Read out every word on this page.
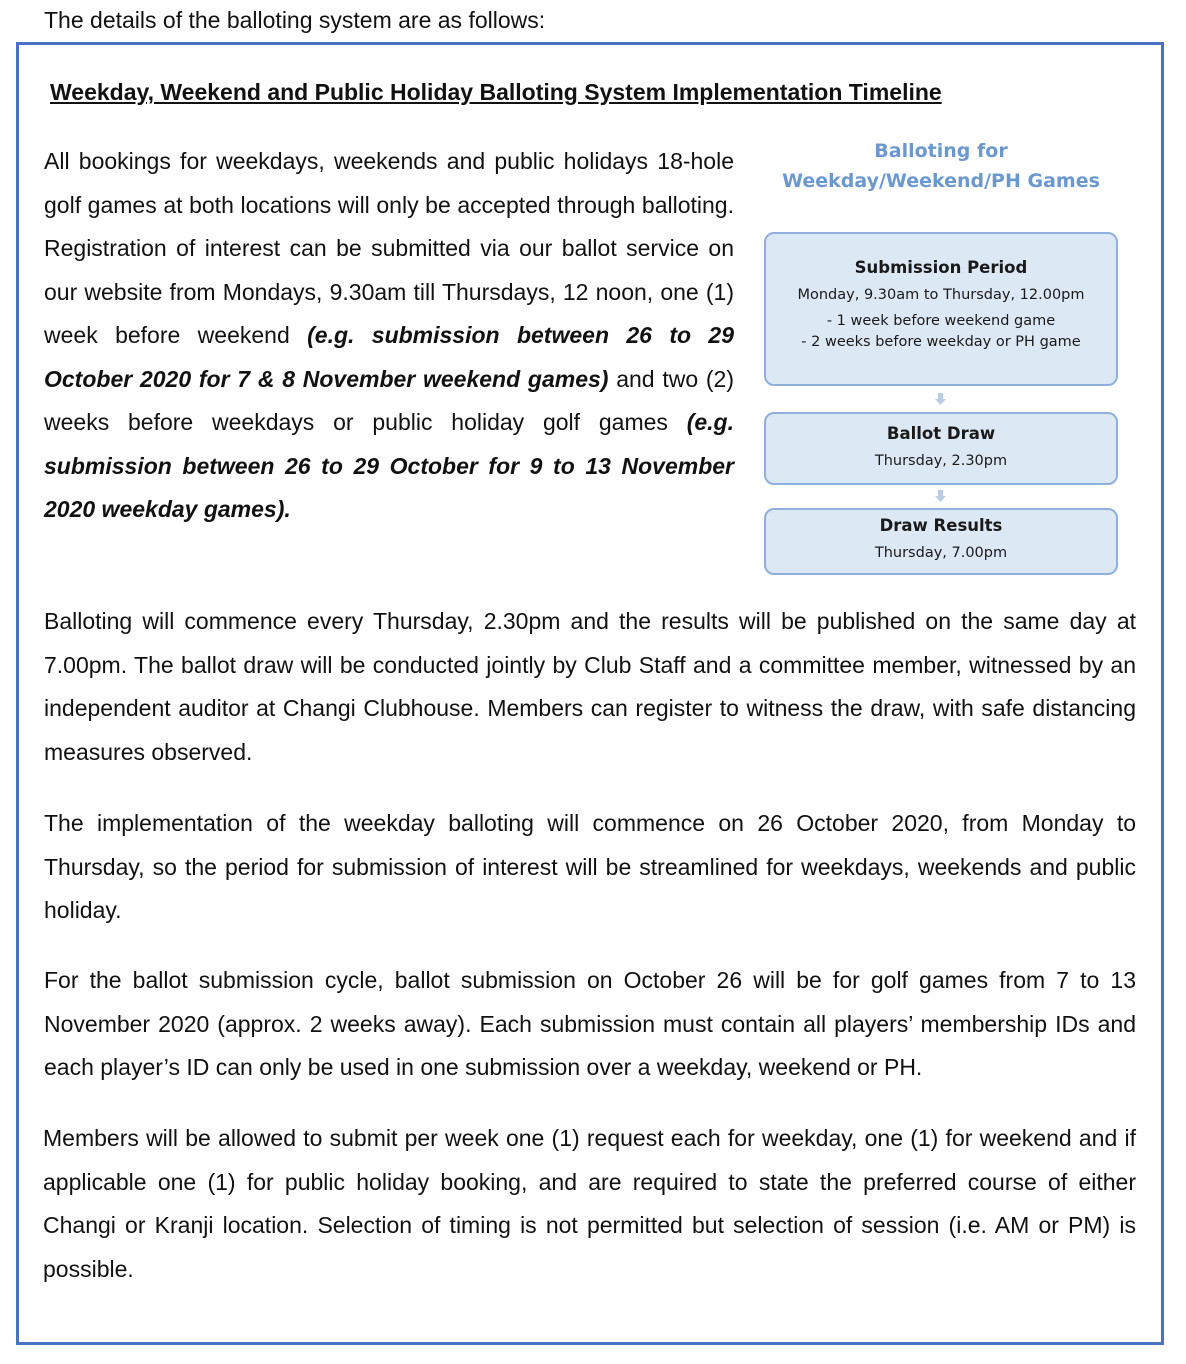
The details of the balloting system are as follows:

Weekday, Weekend and Public Holiday Balloting System Implementation Timeline

All bookings for weekdays, weekends and public holidays 18-hole golf games at both locations will only be accepted through balloting. Registration of interest can be submitted via our ballot service on our website from Mondays, 9.30am till Thursdays, 12 noon, one (1) week before weekend (e.g. submission between 26 to 29 October 2020 for 7 & 8 November weekend games) and two (2) weeks before weekdays or public holiday golf games (e.g. submission between 26 to 29 October for 9 to 13 November 2020 weekday games).

Balloting for
Weekday/Weekend/PH Games
Submission Period
Monday, 9.30am to Thursday, 12.00pm
- 1 week before weekend game
- 2 weeks before weekday or PH game
Ballot Draw
Thursday, 2.30pm
Draw Results
Thursday, 7.00pm

Balloting will commence every Thursday, 2.30pm and the results will be published on the same day at 7.00pm. The ballot draw will be conducted jointly by Club Staff and a committee member, witnessed by an independent auditor at Changi Clubhouse. Members can register to witness the draw, with safe distancing measures observed.

The implementation of the weekday balloting will commence on 26 October 2020, from Monday to Thursday, so the period for submission of interest will be streamlined for weekdays, weekends and public holiday.

For the ballot submission cycle, ballot submission on October 26 will be for golf games from 7 to 13 November 2020 (approx. 2 weeks away). Each submission must contain all players’ membership IDs and each player’s ID can only be used in one submission over a weekday, weekend or PH.

Members will be allowed to submit per week one (1) request each for weekday, one (1) for weekend and if applicable one (1) for public holiday booking, and are required to state the preferred course of either Changi or Kranji location. Selection of timing is not permitted but selection of session (i.e. AM or PM) is possible.
